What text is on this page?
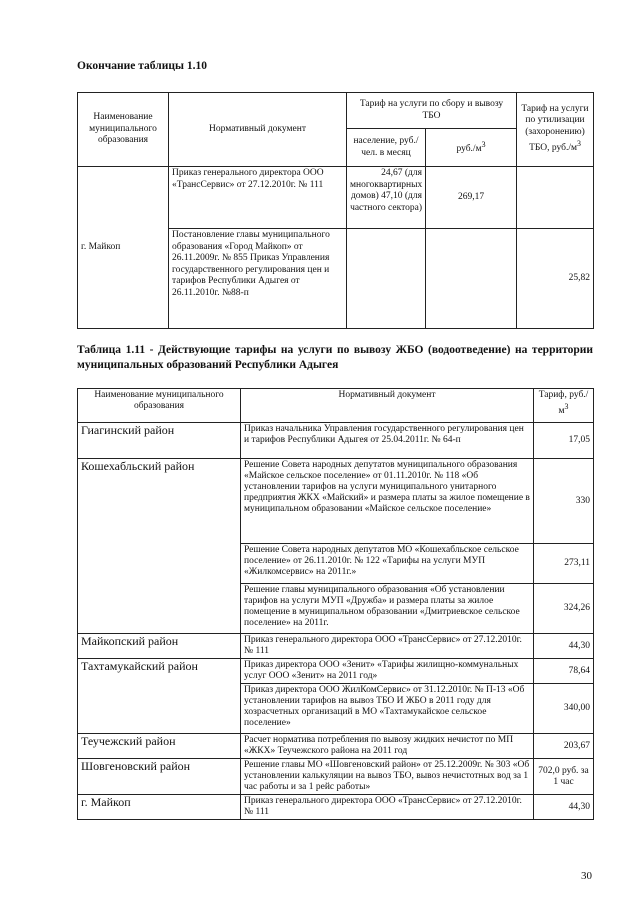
Окончание таблицы 1.10
Наименование муниципального образования	Нормативный документ	Тариф на услуги по сбору и вывозу ТБО		Тариф на услуги по утилизации (захоронению) ТБО, $руб./м^3$
		население, руб./чел. в месяц	$руб./м^3$
г. Майкоп	Приказ генерального директора ООО «ТрансСервис» от 27.12.2010г. № 111	24,67 (для многоквартирных домов) 47,10 (для частного сектора)	269,17	
	Постановление главы муниципального образования «Город Майкоп» от 26.11.2009г. № 855 Приказ Управления государственного регулирования цен и тарифов Республики Адыгея от 26.11.2010г. №88-п			25,82
Таблица 1.11 - Действующие тарифы на услуги по вывозу ЖБО (водоотведение) на территории муниципальных образований Республики Адыгея
Наименование муниципального образования	Нормативный документ	Тариф, $руб./м^3$
Гиагинский район	Приказ начальника Управления государственного регулирования цен и тарифов Республики Адыгея от 25.04.2011г. № 64-п	17,05
Кошехабльский район	Решение Совета народных депутатов муниципального образования «Майское сельское поселение» от 01.11.2010г. № 118 «Об установлении тарифов на услуги муниципального унитарного предприятия ЖКХ «Майский» и размера платы за жилое помещение в муниципальном образовании «Майское сельское поселение»	330
	Решение Совета народных депутатов МО «Кошехабльское сельское поселение» от 26.11.2010г. № 122 «Тарифы на услуги МУП «Жилкомсервис» на 2011г.»	273,11
	Решение главы муниципального образования «Об установлении тарифов на услуги МУП «Дружба» и размера платы за жилое помещение в муниципальном образовании «Дмитриевское сельское поселение» на 2011г.	324,26
Майкопский район	Приказ генерального директора ООО «ТрансСервис» от 27.12.2010г. № 111	44,30
Тахтамукайский район	Приказ директора ООО «Зенит» «Тарифы жилищно-коммунальных услуг ООО «Зенит» на 2011 год»	78,64
	Приказ директора ООО ЖилКомСервис» от 31.12.2010г. № П-13 «Об установлении тарифов на вывоз ТБО И ЖБО в 2011 году для хозрасчетных организаций в МО «Тахтамукайское сельское поселение»	340,00
Теучежский район	Расчет норматива потребления по вывозу жидких нечистот по МП «ЖКХ» Теучежского района на 2011 год	203,67
Шовгеновский район	Решение главы МО «Шовгеновский район» от 25.12.2009г. № 303 «Об установлении калькуляции на вывоз ТБО, вывоз нечистотных вод за 1 час работы и за 1 рейс работы»	702,0 руб. за 1 час
г. Майкоп	Приказ генерального директора ООО «ТрансСервис» от 27.12.2010г. № 111	44,30
30
